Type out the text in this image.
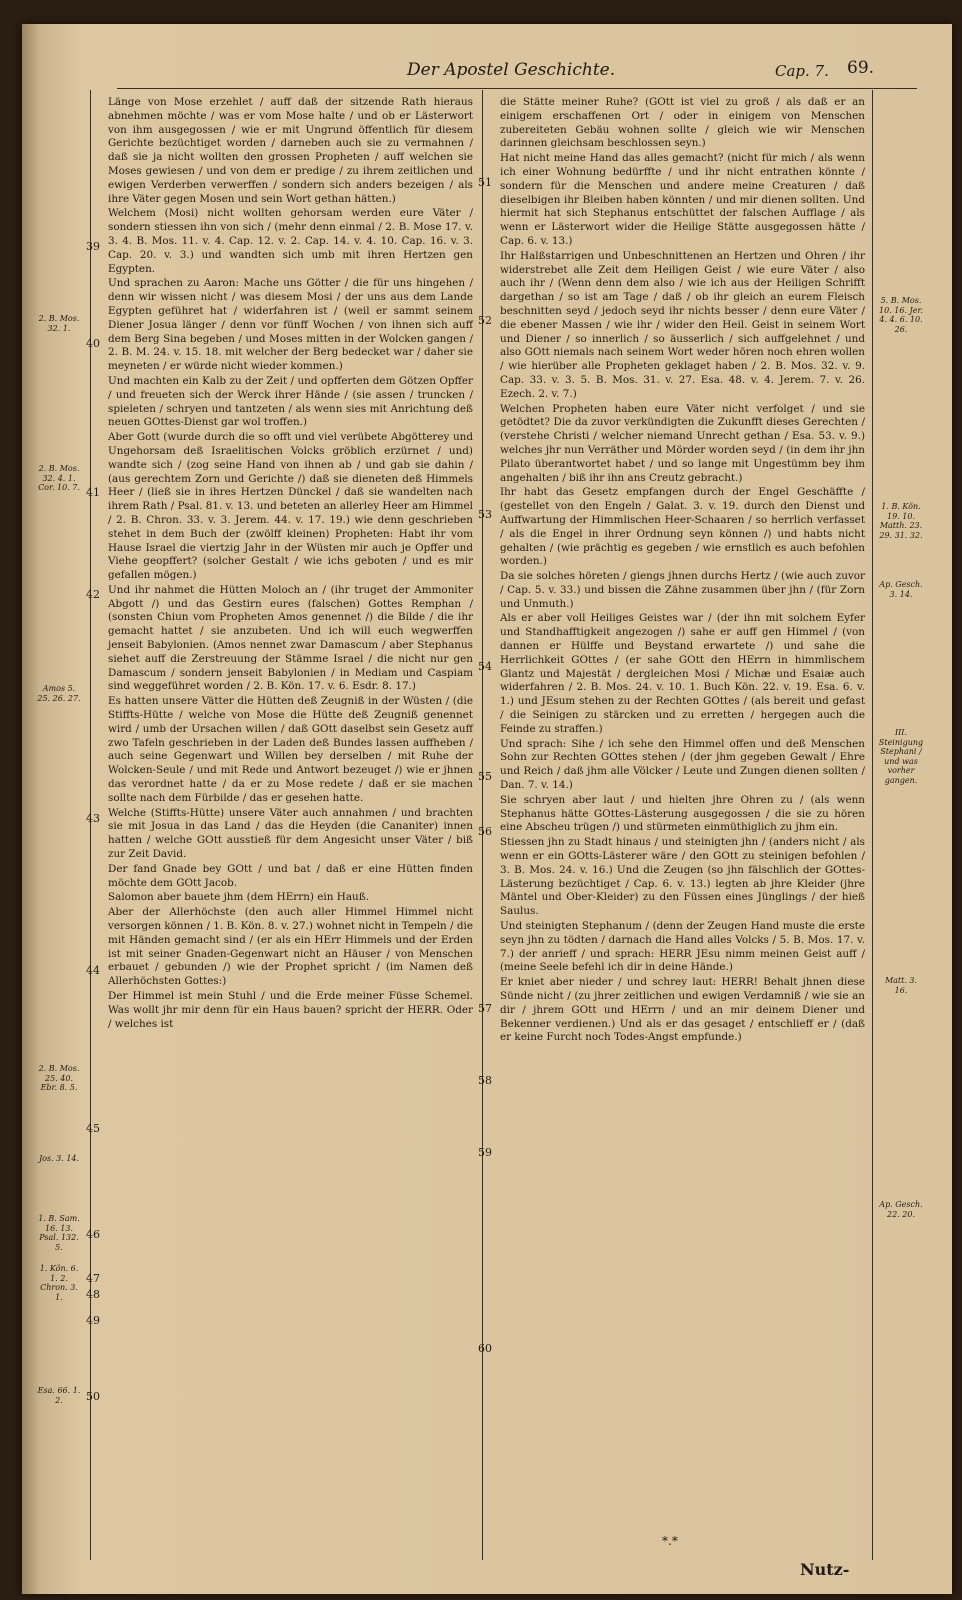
Der Apostel Geschichte.	Cap. 7. 69.

Länge von Mose erzehlet / auff daß der sitzende Rath hieraus abnehmen möchte / was er vom Mose halte / und ob er Lästerwort von ihm ausgegossen / wie er mit Ungrund öffentlich für diesem Gerichte bezüchtiget worden / darneben auch sie zu vermahnen / daß sie ja nicht wollten den grossen Propheten / auff welchen sie Moses gewiesen / und von dem er predige / zu ihrem zeitlichen und ewigen Verderben verwerffen / sondern sich anders bezeigen / als ihre Väter gegen Mosen und sein Wort gethan hätten.)

Welchem (Mosi) nicht wollten gehorsam werden eure Väter / sondern stiessen ihn von sich / (mehr denn einmal / 2. B. Mose 17. v. 3. 4. B. Mos. 11. v. 4. Cap. 12. v. 2. Cap. 14. v. 4. 10. Cap. 16. v. 3. Cap. 20. v. 3.) und wandten sich umb mit ihren Hertzen gen Egypten.

Und sprachen zu Aaron: Mache uns Götter / die für uns hingehen / denn wir wissen nicht / was diesem Mosi / der uns aus dem Lande Egypten geführet hat / widerfahren ist / (weil er sammt seinem Diener Josua länger / denn vor fünff Wochen / von ihnen sich auff dem Berg Sina begeben / und Moses mitten in der Wolcken gangen / 2. B. M. 24. v. 15. 18. mit welcher der Berg bedecket war / daher sie meyneten / er würde nicht wieder kommen.)

Und machten ein Kalb zu der Zeit / und opfferten dem Götzen Opffer / und freueten sich der Werck ihrer Hände / (sie assen / truncken / spieleten / schryen und tantzeten / als wenn sies mit Anrichtung deß neuen GOttes-Dienst gar wol troffen.)

Aber Gott (wurde durch die so offt und viel verübete Abgötterey und Ungehorsam deß Israelitischen Volcks gröblich erzürnet / und) wandte sich / (zog seine Hand von ihnen ab / und gab sie dahin / (aus gerechtem Zorn und Gerichte /) daß sie dieneten deß Himmels Heer / (ließ sie in ihres Hertzen Dünckel / daß sie wandelten nach ihrem Rath / Psal. 81. v. 13. und beteten an allerley Heer am Himmel / 2. B. Chron. 33. v. 3. Jerem. 44. v. 17. 19.) wie denn geschrieben stehet in dem Buch der (zwölff kleinen) Propheten: Habt ihr vom Hause Israel die viertzig Jahr in der Wüsten mir auch je Opffer und Viehe geopffert? (solcher Gestalt / wie ichs geboten / und es mir gefallen mögen.)

Und ihr nahmet die Hütten Moloch an / (ihr truget der Ammoniter Abgott /) und das Gestirn eures (falschen) Gottes Remphan / (sonsten Chiun vom Propheten Amos genennet /) die Bilde / die ihr gemacht hattet / sie anzubeten. Und ich will euch wegwerffen jenseit Babylonien. (Amos nennet zwar Damascum / aber Stephanus siehet auff die Zerstreuung der Stämme Israel / die nicht nur gen Damascum / sondern jenseit Babylonien / in Mediam und Caspiam sind weggeführet worden / 2. B. Kön. 17. v. 6. Esdr. 8. 17.)

Es hatten unsere Vätter die Hütten deß Zeugniß in der Wüsten / (die Stiffts-Hütte / welche von Mose die Hütte deß Zeugniß genennet wird / umb der Ursachen willen / daß GOtt daselbst sein Gesetz auff zwo Tafeln geschrieben in der Laden deß Bundes lassen auffheben / auch seine Gegenwart und Willen bey derselben / mit Ruhe der Wolcken-Seule / und mit Rede und Antwort bezeuget /) wie er jhnen das verordnet hatte / da er zu Mose redete / daß er sie machen sollte nach dem Fürbilde / das er gesehen hatte.

Welche (Stiffts-Hütte) unsere Väter auch annahmen / und brachten sie mit Josua in das Land / das die Heyden (die Cananiter) innen hatten / welche GOtt ausstieß für dem Angesicht unser Väter / biß zur Zeit David.

Der fand Gnade bey GOtt / und bat / daß er eine Hütten finden möchte dem GOtt Jacob.

Salomon aber bauete jhm (dem HErrn) ein Hauß.

Aber der Allerhöchste (den auch aller Himmel Himmel nicht versorgen können / 1. B. Kön. 8. v. 27.) wohnet nicht in Tempeln / die mit Händen gemacht sind / (er als ein HErr Himmels und der Erden ist mit seiner Gnaden-Gegenwart nicht an Häuser / von Menschen erbauet / gebunden /) wie der Prophet spricht / (im Namen deß Allerhöchsten Gottes:)

Der Himmel ist mein Stuhl / und die Erde meiner Füsse Schemel. Was wollt jhr mir denn für ein Haus bauen? spricht der HERR. Oder / welches ist

die Stätte meiner Ruhe? (GOtt ist viel zu groß / als daß er an einigem erschaffenen Ort / oder in einigem von Menschen zubereiteten Gebäu wohnen sollte / gleich wie wir Menschen darinnen gleichsam beschlossen seyn.)

Hat nicht meine Hand das alles gemacht? (nicht für mich / als wenn ich einer Wohnung bedürffte / und ihr nicht entrathen könnte / sondern für die Menschen und andere meine Creaturen / daß dieselbigen ihr Bleiben haben könnten / und mir dienen sollten. Und hiermit hat sich Stephanus entschüttet der falschen Aufflage / als wenn er Lästerwort wider die Heilige Stätte ausgegossen hätte / Cap. 6. v. 13.)

Ihr Halßstarrigen und Unbeschnittenen an Hertzen und Ohren / ihr widerstrebet alle Zeit dem Heiligen Geist / wie eure Väter / also auch ihr / (Wenn denn dem also / wie ich aus der Heiligen Schrifft dargethan / so ist am Tage / daß / ob ihr gleich an eurem Fleisch beschnitten seyd / jedoch seyd ihr nichts besser / denn eure Väter / die ebener Massen / wie ihr / wider den Heil. Geist in seinem Wort und Diener / so innerlich / so äusserlich / sich auffgelehnet / und also GOtt niemals nach seinem Wort weder hören noch ehren wollen / wie hierüber alle Propheten geklaget haben / 2. B. Mos. 32. v. 9. Cap. 33. v. 3. 5. B. Mos. 31. v. 27. Esa. 48. v. 4. Jerem. 7. v. 26. Ezech. 2. v. 7.)

Welchen Propheten haben eure Väter nicht verfolget / und sie getödtet? Die da zuvor verkündigten die Zukunfft dieses Gerechten / (verstehe Christi / welcher niemand Unrecht gethan / Esa. 53. v. 9.) welches jhr nun Verräther und Mörder worden seyd / (in dem ihr jhn Pilato überantwortet habet / und so lange mit Ungestümm bey ihm angehalten / biß ihr ihn ans Creutz gebracht.)

Ihr habt das Gesetz empfangen durch der Engel Geschäffte / (gestellet von den Engeln / Galat. 3. v. 19. durch den Dienst und Auffwartung der Himmlischen Heer-Schaaren / so herrlich verfasset / als die Engel in ihrer Ordnung seyn können /) und habts nicht gehalten / (wie prächtig es gegeben / wie ernstlich es auch befohlen worden.)

Da sie solches höreten / giengs jhnen durchs Hertz / (wie auch zuvor / Cap. 5. v. 33.) und bissen die Zähne zusammen über jhn / (für Zorn und Unmuth.)

Als er aber voll Heiliges Geistes war / (der ihn mit solchem Eyfer und Standhafftigkeit angezogen /) sahe er auff gen Himmel / (von dannen er Hülffe und Beystand erwartete /) und sahe die Herrlichkeit GOttes / (er sahe GOtt den HErrn in himmlischem Glantz und Majestät / dergleichen Mosi / Michæ und Esaiæ auch widerfahren / 2. B. Mos. 24. v. 10. 1. Buch Kön. 22. v. 19. Esa. 6. v. 1.) und JEsum stehen zu der Rechten GOttes / (als bereit und gefast / die Seinigen zu stärcken und zu erretten / hergegen auch die Feinde zu straffen.)

Und sprach: Sihe / ich sehe den Himmel offen und deß Menschen Sohn zur Rechten GOttes stehen / (der jhm gegeben Gewalt / Ehre und Reich / daß jhm alle Völcker / Leute und Zungen dienen sollten / Dan. 7. v. 14.)

Sie schryen aber laut / und hielten jhre Ohren zu / (als wenn Stephanus hätte GOttes-Lästerung ausgegossen / die sie zu hören eine Abscheu trügen /) und stürmeten einmüthiglich zu jhm ein.

Stiessen jhn zu Stadt hinaus / und steinigten jhn / (anders nicht / als wenn er ein GOtts-Lästerer wäre / den GOtt zu steinigen befohlen / 3. B. Mos. 24. v. 16.) Und die Zeugen (so jhn fälschlich der GOttes-Lästerung bezüchtiget / Cap. 6. v. 13.) legten ab jhre Kleider (jhre Mäntel und Ober-Kleider) zu den Füssen eines Jünglings / der hieß Saulus.

Und steinigten Stephanum / (denn der Zeugen Hand muste die erste seyn jhn zu tödten / darnach die Hand alles Volcks / 5. B. Mos. 17. v. 7.) der anrieff / und sprach: HERR JEsu nimm meinen Geist auff / (meine Seele befehl ich dir in deine Hände.)

Er kniet aber nieder / und schrey laut: HERR! Behalt jhnen diese Sünde nicht / (zu jhrer zeitlichen und ewigen Verdamniß / wie sie an dir / jhrem GOtt und HErrn / und an mir deinem Diener und Bekenner verdienen.) Und als er das gesaget / entschlieff er / (daß er keine Furcht noch Todes-Angst empfunde.)

39
40
41
42
43
44
45
46
47
48
49
50
51
52
53
54
55
56
57
58
59
60
2. B. Mos. 32. 1.
2. B. Mos. 32. 4. 1. Cor. 10. 7.
Amos 5. 25. 26. 27.
2. B. Mos. 25. 40. Ebr. 8. 5.
Jos. 3. 14.
1. B. Sam. 16. 13. Psal. 132. 5.
1. Kön. 6. 1. 2. Chron. 3. 1.
Esa. 66. 1. 2.
5. B. Mos. 10. 16. Jer. 4. 4. 6. 10. 26.
1. B. Kön. 19. 10. Matth. 23. 29. 31. 32.
Ap. Gesch. 3. 14.
III. Steinigung Stephani / und was vorher gangen.
Matt. 3. 16.
Ap. Gesch. 22. 20.
*.*
Nutz-
